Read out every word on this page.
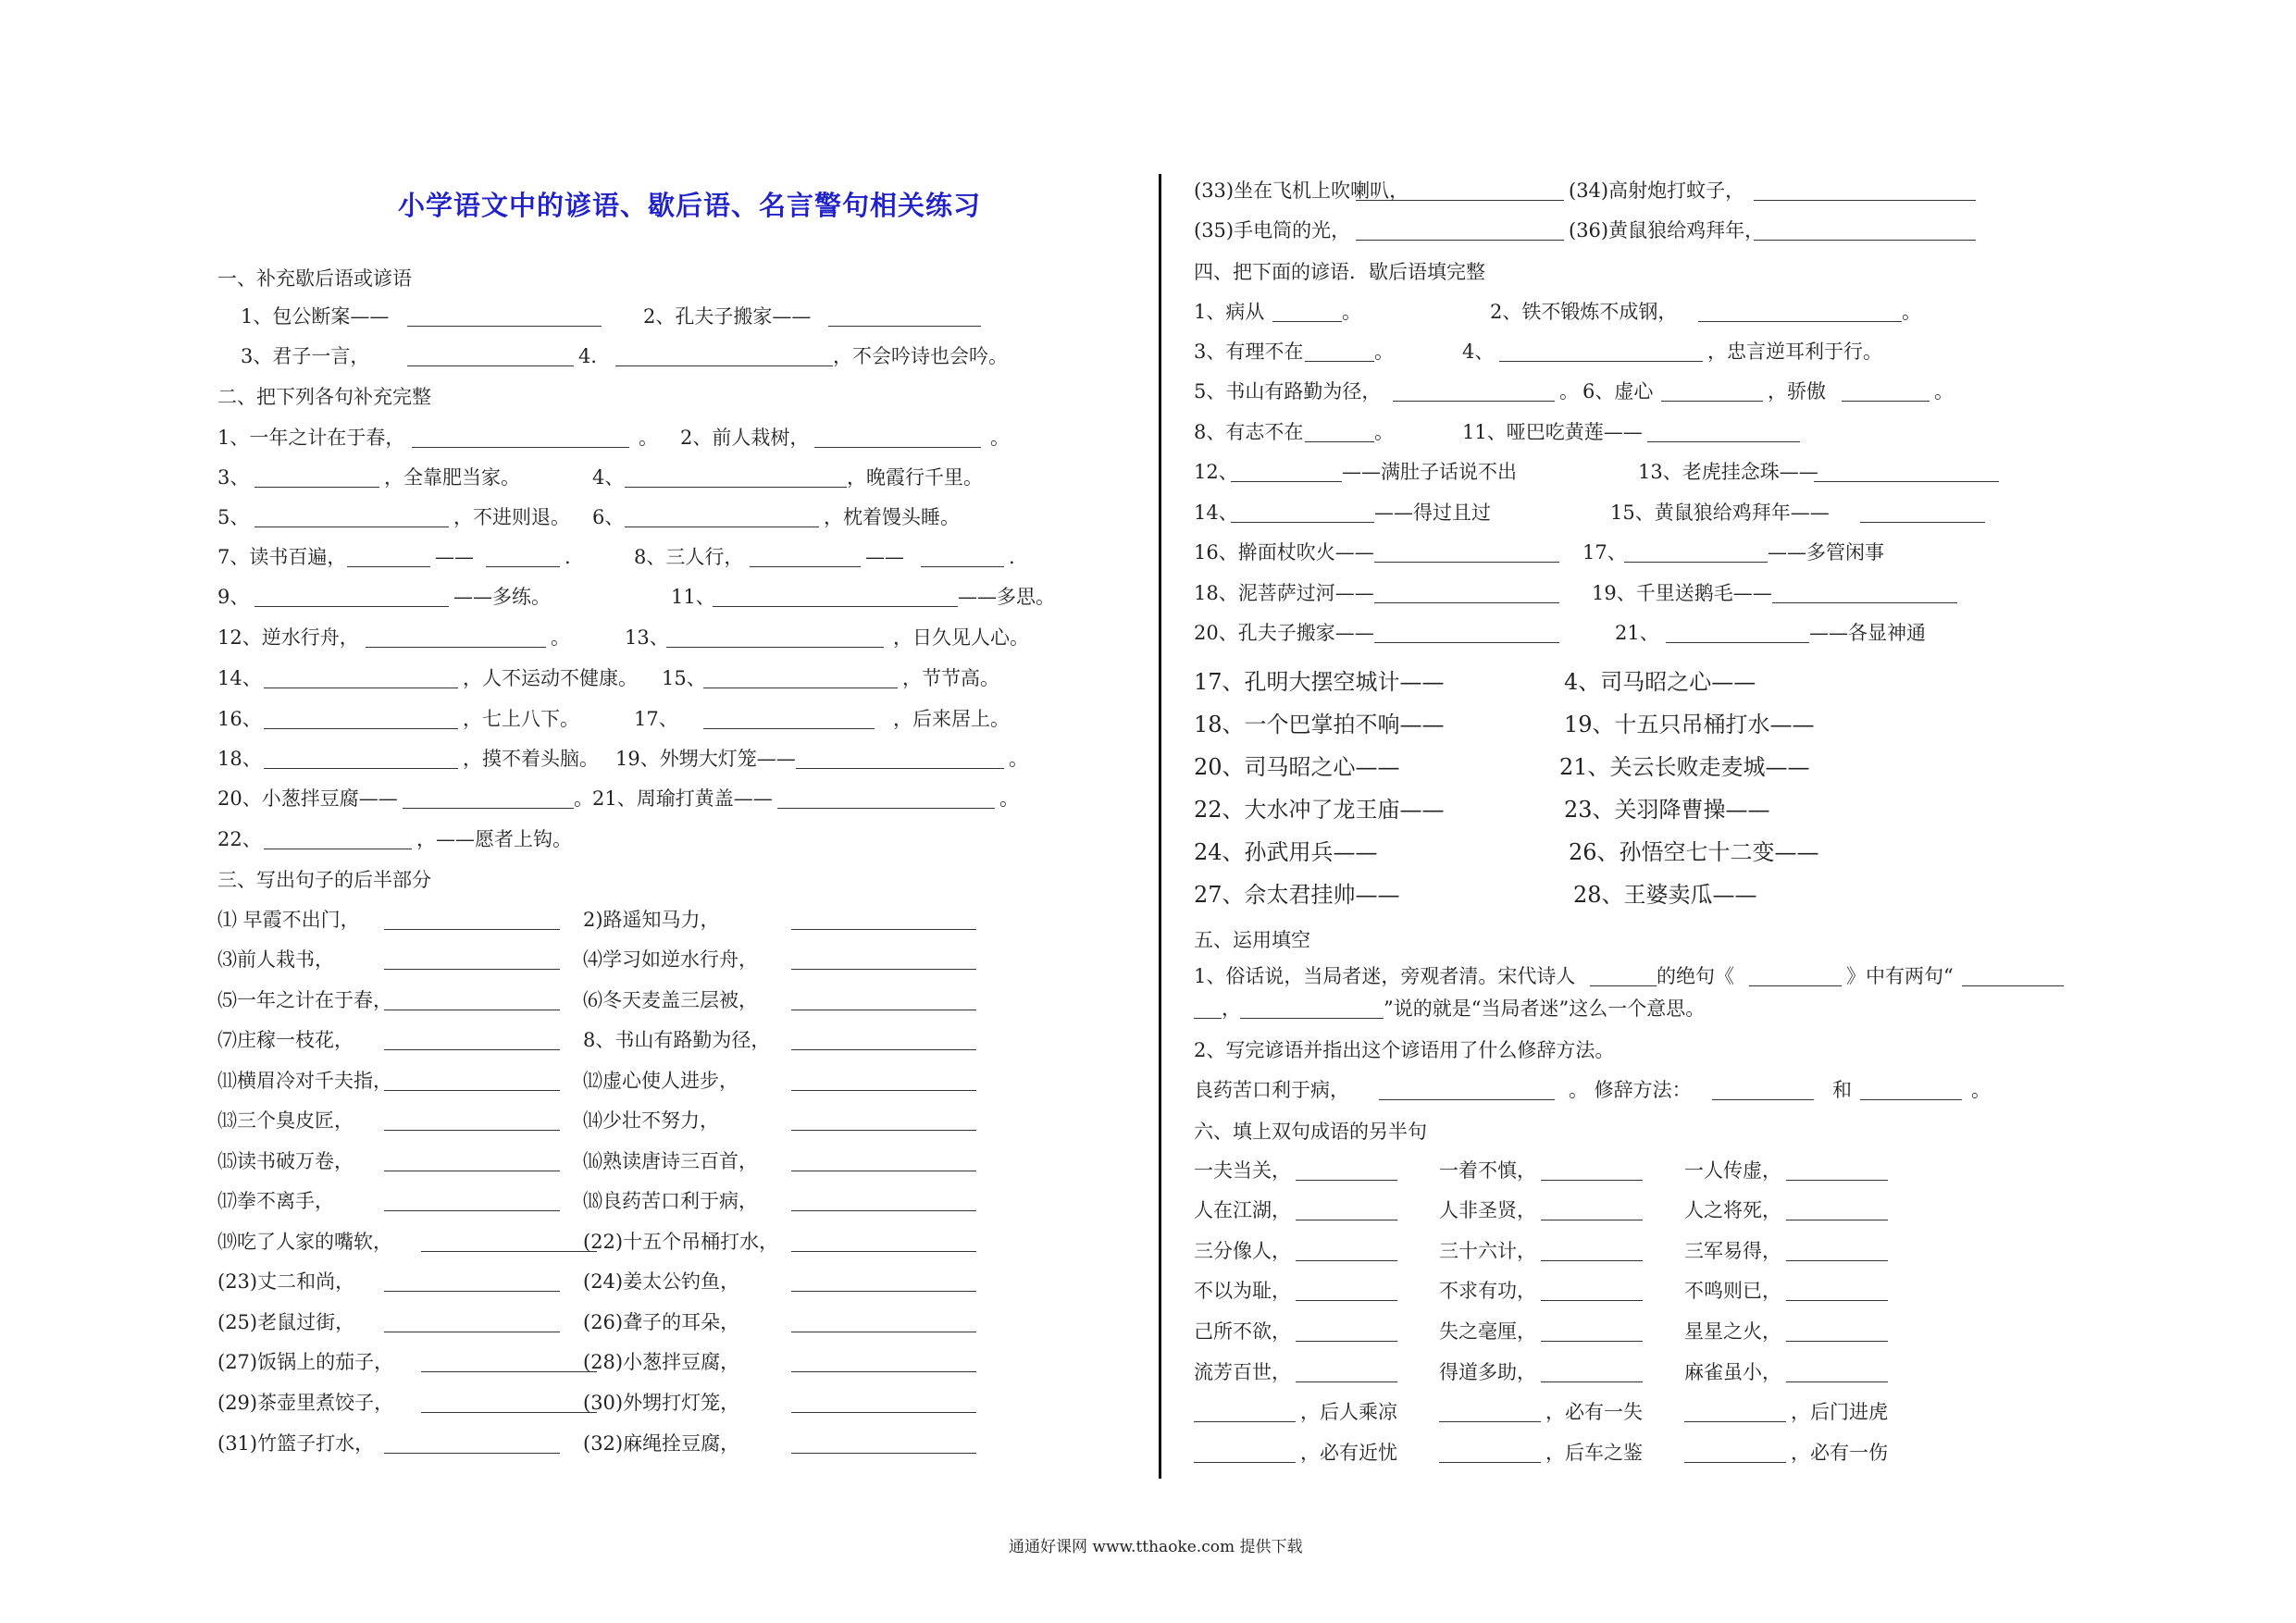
小学语文中的谚语、歇后语、名言警句相关练习
一、补充歇后语或谚语
1、包公断案——	2、孔夫子搬家——
3、君子一言，	4．	，不会吟诗也会吟。
二、把下列各句补充完整
1、一年之计在于春，	。 2、前人栽树，	。
3、	，全靠肥当家。	4、	，晚霞行千里。
5、	，不进则退。 6、	，枕着馒头睡。
7、读书百遍，	——	.	8、三人行，	——	.
9、	——多练。	11、	——多思。
12、逆水行舟，	。	13、	，日久见人心。
14、	，人不运动不健康。 15、	，节节高。
16、	，七上八下。	17、	，后来居上。
18、	，摸不着头脑。 19、外甥大灯笼——	。
20、小葱拌豆腐——	。 21、周瑜打黄盖——	。
22、	，——愿者上钩。
三、写出句子的后半部分
⑴ 早霞不出门，	2)路遥知马力，
⑶前人栽书，	⑷学习如逆水行舟，
⑸一年之计在于春，	⑹冬天麦盖三层被，
⑺庄稼一枝花，	8、书山有路勤为径，
⑾横眉冷对千夫指，	⑿虚心使人进步，
⒀三个臭皮匠，	⒁少壮不努力，
⒂读书破万卷，	⒃熟读唐诗三百首，
⒄拳不离手，	⒅良药苦口利于病，
⒆吃了人家的嘴软，	(22)十五个吊桶打水，
(23)丈二和尚，	(24)姜太公钓鱼，
(25)老鼠过街，	(26)聋子的耳朵，
(27)饭锅上的茄子，	(28)小葱拌豆腐，
(29)茶壶里煮饺子，	(30)外甥打灯笼，
(31)竹篮子打水，	(32)麻绳拴豆腐，
(33)坐在飞机上吹喇叭，	(34)高射炮打蚊子，
(35)手电筒的光，	(36)黄鼠狼给鸡拜年，
四、把下面的谚语．歇后语填完整
1、病从	。	2、铁不锻炼不成钢，	。
3、有理不在	。	4、	，忠言逆耳利于行。
5、书山有路勤为径，	。 6、虚心	，骄傲	。
8、有志不在	。	11、哑巴吃黄莲——
12、	——满肚子话说不出	13、老虎挂念珠——
14、	——得过且过	15、黄鼠狼给鸡拜年——
16、擀面杖吹火——	17、	——多管闲事
18、泥菩萨过河——	19、千里送鹅毛——
20、孔夫子搬家——	21、	——各显神通
17、孔明大摆空城计——	4、司马昭之心——
18、一个巴掌拍不响——	19、十五只吊桶打水——
20、司马昭之心——	21、关云长败走麦城——
22、大水冲了龙王庙——	23、关羽降曹操——
24、孙武用兵——	26、孙悟空七十二变——
27、佘太君挂帅——	28、王婆卖瓜——
五、运用填空
1、俗话说，当局者迷，旁观者清。宋代诗人	的绝句《	》中有两句“
，	”说的就是“当局者迷”这么一个意思。
2、写完谚语并指出这个谚语用了什么修辞方法。
良药苦口利于病，	。 修辞方法：	和	。
六、填上双句成语的另半句
一夫当关，	一着不慎，	一人传虚，
人在江湖，	人非圣贤，	人之将死，
三分像人，	三十六计，	三军易得，
不以为耻，	不求有功，	不鸣则已，
己所不欲，	失之毫厘，	星星之火，
流芳百世，	得道多助，	麻雀虽小，
，后人乘凉	，必有一失	，后门进虎
，必有近忧	，后车之鉴	，必有一伤
通通好课网 www.tthaoke.com 提供下载
